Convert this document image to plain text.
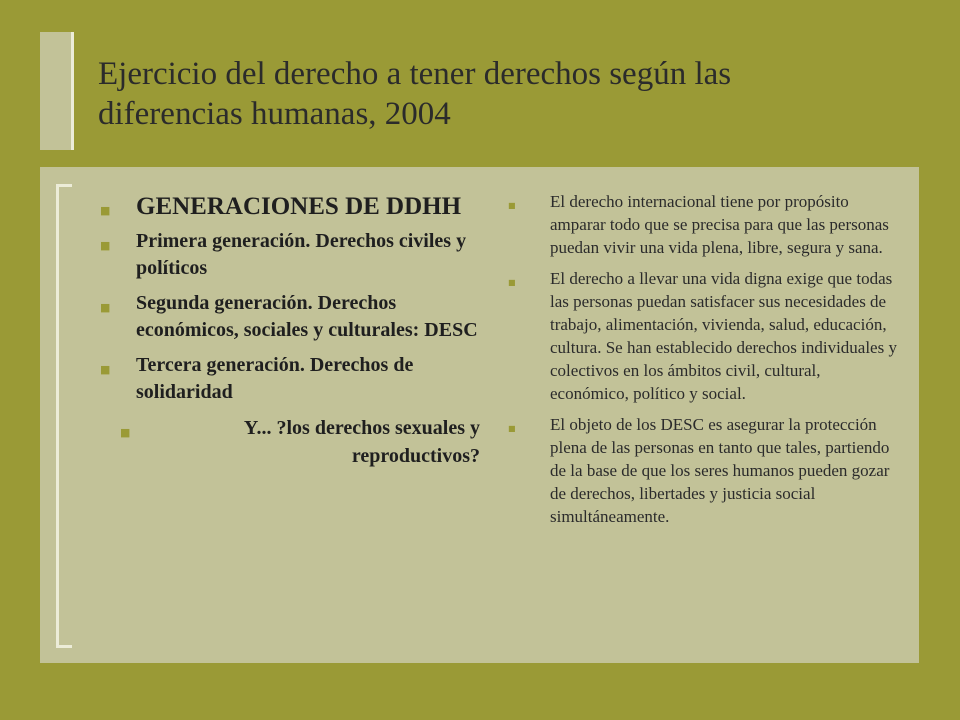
Ejercicio del derecho a tener derechos según las
diferencias humanas, 2004
■ GENERACIONES DE DDHH
■ Primera generación. Derechos civiles y políticos
■ Segunda generación. Derechos económicos, sociales y culturales: DESC
■ Tercera generación. Derechos de solidaridad
■	Y... ?los derechos sexuales y reproductivos?
■ El derecho internacional tiene por propósito amparar todo que se precisa para que las personas puedan vivir una vida plena, libre, segura y sana.
■ El derecho a llevar una vida digna exige que todas las personas puedan satisfacer sus necesidades de trabajo, alimentación, vivienda, salud, educación, cultura. Se han establecido derechos individuales y colectivos en los ámbitos civil, cultural, económico, político y social.
■ El objeto de los DESC es asegurar la protección plena de las personas en tanto que tales, partiendo de la base de que los seres humanos pueden gozar de derechos, libertades y justicia social simultáneamente.
